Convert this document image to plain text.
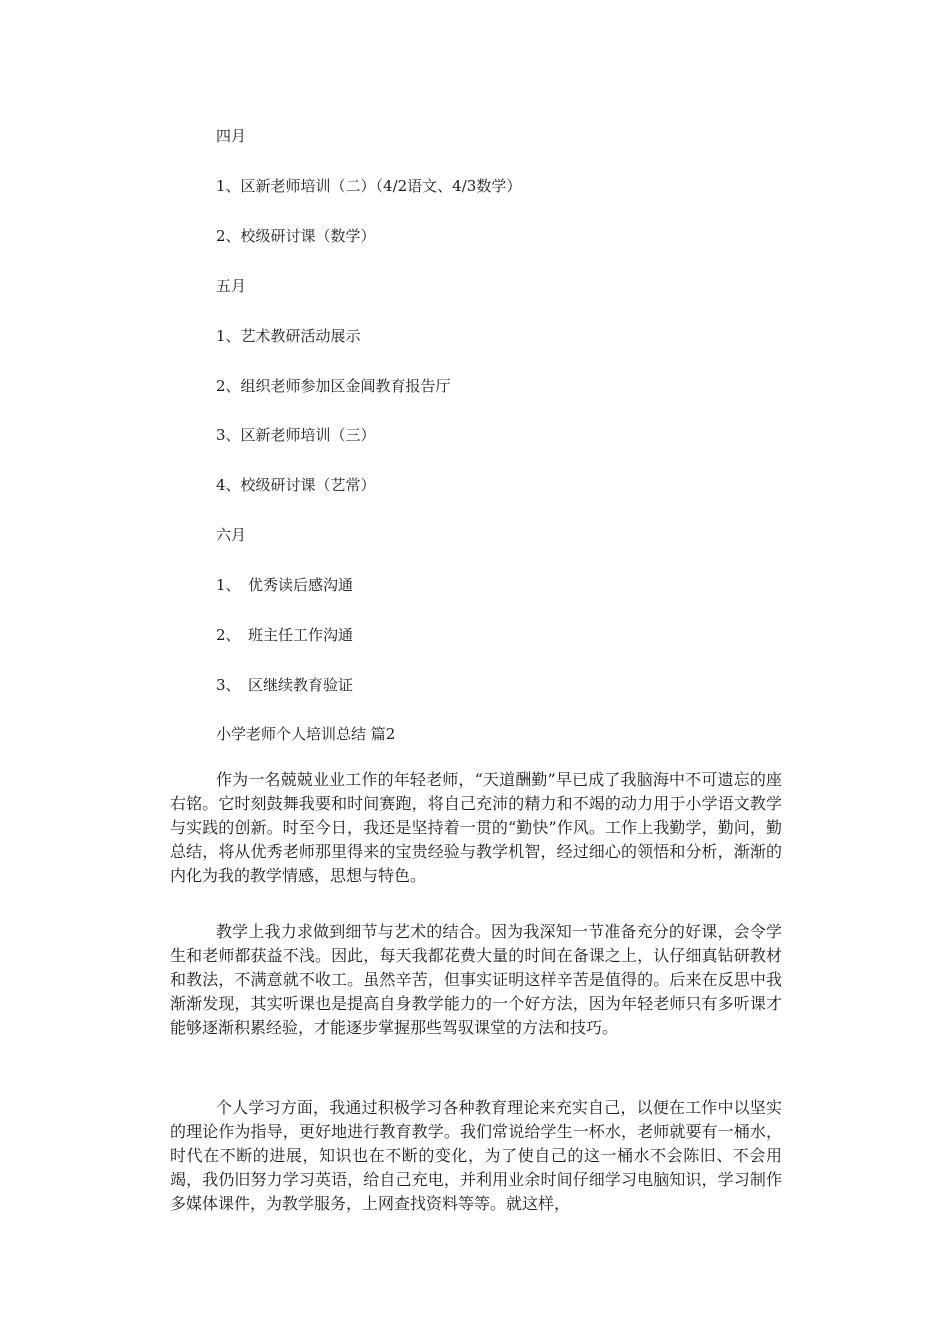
四月

1、区新老师培训（二）（4/2语文、4/3数学）

2、校级研讨课（数学）

五月

1、艺术教研活动展示

2、组织老师参加区金阊教育报告厅

3、区新老师培训（三）

4、校级研讨课（艺常）

六月

1、　优秀读后感沟通

2、　班主任工作沟通

3、　区继续教育验证

小学老师个人培训总结 篇2

作为一名兢兢业业工作的年轻老师，“天道酬勤”早已成了我脑海中不可遗忘的座右铭。它时刻鼓舞我要和时间赛跑，将自己充沛的精力和不竭的动力用于小学语文教学与实践的创新。时至今日，我还是坚持着一贯的“勤快”作风。工作上我勤学，勤问，勤总结，将从优秀老师那里得来的宝贵经验与教学机智，经过细心的领悟和分析，渐渐的内化为我的教学情感，思想与特色。

教学上我力求做到细节与艺术的结合。因为我深知一节准备充分的好课，会令学生和老师都获益不浅。因此，每天我都花费大量的时间在备课之上，认仔细真钻研教材和教法，不满意就不收工。虽然辛苦，但事实证明这样辛苦是值得的。后来在反思中我渐渐发现，其实听课也是提高自身教学能力的一个好方法，因为年轻老师只有多听课才能够逐渐积累经验，才能逐步掌握那些驾驭课堂的方法和技巧。

个人学习方面，我通过积极学习各种教育理论来充实自己，以便在工作中以坚实的理论作为指导，更好地进行教育教学。我们常说给学生一杯水，老师就要有一桶水，时代在不断的进展，知识也在不断的变化，为了使自己的这一桶水不会陈旧、不会用竭，我仍旧努力学习英语，给自己充电，并利用业余时间仔细学习电脑知识，学习制作多媒体课件，为教学服务，上网查找资料等等。就这样，
